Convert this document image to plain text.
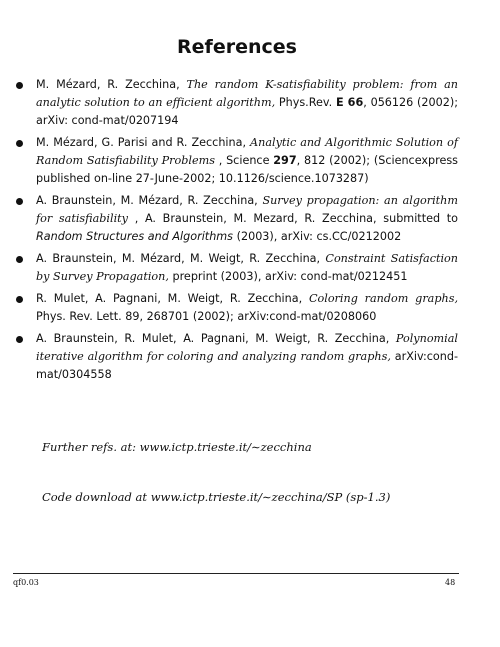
References
M. Mézard, R. Zecchina, The random K-satisfiability problem: from an analytic solution to an efficient algorithm, Phys.Rev. E 66, 056126 (2002); arXiv: cond-mat/0207194
M. Mézard, G. Parisi and R. Zecchina, Analytic and Algorithmic Solution of Random Satisfiability Problems , Science 297, 812 (2002); (Sciencexpress published on-line 27-June-2002; 10.1126/science.1073287)
A. Braunstein, M. Mézard, R. Zecchina, Survey propagation: an algorithm for satisfiability , A. Braunstein, M. Mezard, R. Zecchina, submitted to Random Structures and Algorithms (2003), arXiv: cs.CC/0212002
A. Braunstein, M. Mézard, M. Weigt, R. Zecchina, Constraint Satisfaction by Survey Propagation, preprint (2003), arXiv: cond-mat/0212451
R. Mulet, A. Pagnani, M. Weigt, R. Zecchina, Coloring random graphs, Phys. Rev. Lett. 89, 268701 (2002); arXiv:cond-mat/0208060
A. Braunstein, R. Mulet, A. Pagnani, M. Weigt, R. Zecchina, Polynomial iterative algorithm for coloring and analyzing random graphs, arXiv:cond-mat/0304558
Further refs. at: www.ictp.trieste.it/∼zecchina
Code download at www.ictp.trieste.it/∼zecchina/SP (sp-1.3)
qf0.03	48
